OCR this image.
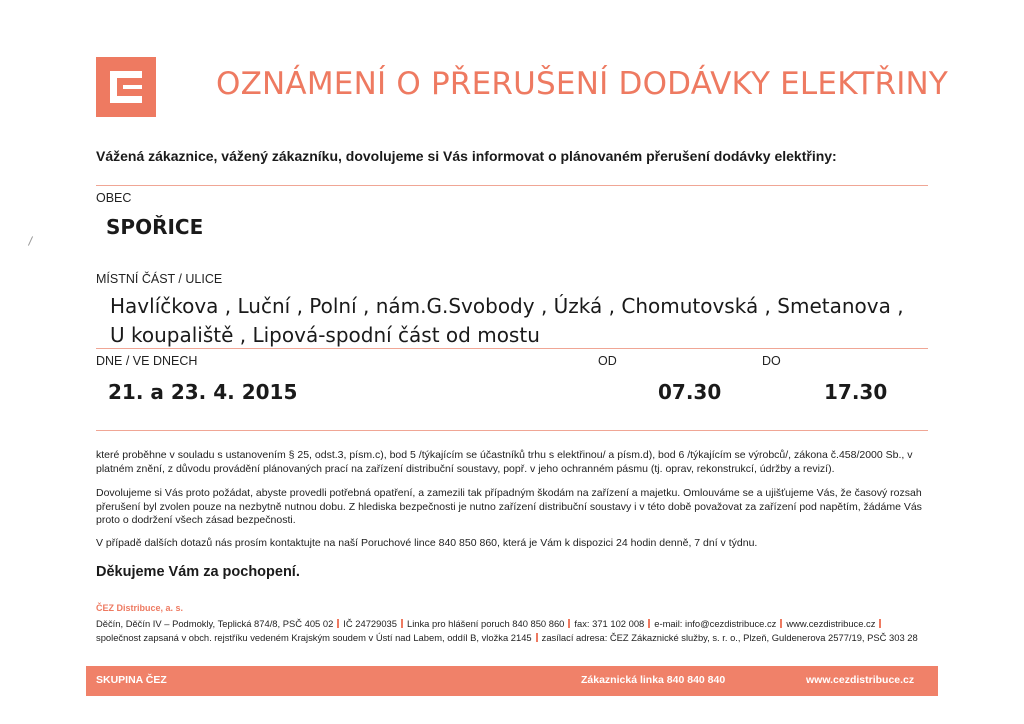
OZNÁMENÍ O PŘERUŠENÍ DODÁVKY ELEKTŘINY
Vážená zákaznice, vážený zákazníku, dovolujeme si Vás informovat o plánovaném přerušení dodávky elektřiny:
OBEC
SPOŘICE
MÍSTNÍ ČÁST / ULICE
Havlíčkova , Luční , Polní , nám.G.Svobody , Úzká , Chomutovská , Smetanova ,
U koupaliště , Lipová-spodní část od mostu
DNE / VE DNECH	OD	DO
21. a 23. 4. 2015	07.30	17.30
které proběhne v souladu s ustanovením § 25, odst.3, písm.c), bod 5 /týkajícím se účastníků trhu s elektřinou/ a písm.d), bod 6 /týkajícím se výrobců/, zákona č.458/2000 Sb., v platném znění, z důvodu provádění plánovaných prací na zařízení distribuční soustavy, popř. v jeho ochranném pásmu (tj. oprav, rekonstrukcí, údržby a revizí).
Dovolujeme si Vás proto požádat, abyste provedli potřebná opatření, a zamezili tak případným škodám na zařízení a majetku. Omlouváme se a ujišťujeme Vás, že časový rozsah přerušení byl zvolen pouze na nezbytně nutnou dobu. Z hlediska bezpečnosti je nutno zařízení distribuční soustavy i v této době považovat za zařízení pod napětím, žádáme Vás proto o dodržení všech zásad bezpečnosti.
V případě dalších dotazů nás prosím kontaktujte na naší Poruchové lince 840 850 860, která je Vám k dispozici 24 hodin denně, 7 dní v týdnu.
Děkujeme Vám za pochopení.
ČEZ Distribuce, a. s.
Děčín, Děčín IV – Podmokly, Teplická 874/8, PSČ 405 02 IČ 24729035 Linka pro hlášení poruch 840 850 860 fax: 371 102 008 e-mail: info@cezdistribuce.cz www.cezdistribuce.cz
společnost zapsaná v obch. rejstříku vedeném Krajským soudem v Ústí nad Labem, oddíl B, vložka 2145 zasílací adresa: ČEZ Zákaznické služby, s. r. o., Plzeň, Guldenerova 2577/19, PSČ 303 28
SKUPINA ČEZ	Zákaznická linka 840 840 840	www.cezdistribuce.cz
